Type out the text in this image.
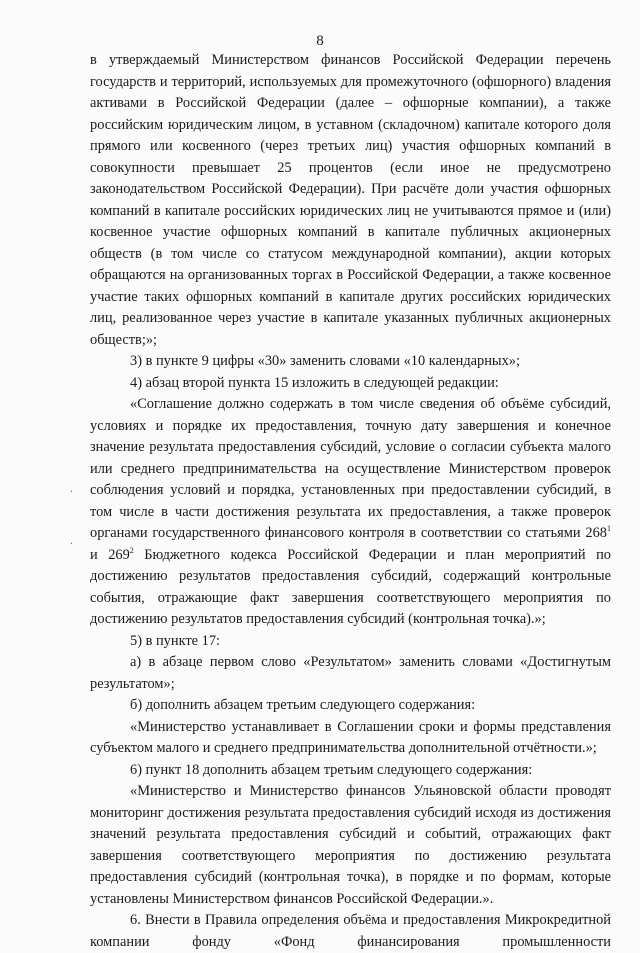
8

в утверждаемый Министерством финансов Российской Федерации перечень государств и территорий, используемых для промежуточного (офшорного) владения активами в Российской Федерации (далее – офшорные компании), а также российским юридическим лицом, в уставном (складочном) капитале которого доля прямого или косвенного (через третьих лиц) участия офшорных компаний в совокупности превышает 25 процентов (если иное не предусмотрено законодательством Российской Федерации). При расчёте доли участия офшорных компаний в капитале российских юридических лиц не учитываются прямое и (или) косвенное участие офшорных компаний в капитале публичных акционерных обществ (в том числе со статусом международной компании), акции которых обращаются на организованных торгах в Российской Федерации, а также косвенное участие таких офшорных компаний в капитале других российских юридических лиц, реализованное через участие в капитале указанных публичных акционерных обществ;»;

3) в пункте 9 цифры «30» заменить словами «10 календарных»;

4) абзац второй пункта 15 изложить в следующей редакции:

«Соглашение должно содержать в том числе сведения об объёме субсидий, условиях и порядке их предоставления, точную дату завершения и конечное значение результата предоставления субсидий, условие о согласии субъекта малого или среднего предпринимательства на осуществление Министерством проверок соблюдения условий и порядка, установленных при предоставлении субсидий, в том числе в части достижения результата их предоставления, а также проверок органами государственного финансового контроля в соответствии со статьями $268^1$ и $269^2$ Бюджетного кодекса Российской Федерации и план мероприятий по достижению результатов предоставления субсидий, содержащий контрольные события, отражающие факт завершения соответствующего мероприятия по достижению результатов предоставления субсидий (контрольная точка).»;

5) в пункте 17:

а) в абзаце первом слово «Результатом» заменить словами «Достигнутым результатом»;

б) дополнить абзацем третьим следующего содержания:

«Министерство устанавливает в Соглашении сроки и формы представления субъектом малого и среднего предпринимательства дополнительной отчётности.»;

6) пункт 18 дополнить абзацем третьим следующего содержания:

«Министерство и Министерство финансов Ульяновской области проводят мониторинг достижения результата предоставления субсидий исходя из достижения значений результата предоставления субсидий и событий, отражающих факт завершения соответствующего мероприятия по достижению результата предоставления субсидий (контрольная точка), в порядке и по формам, которые установлены Министерством финансов Российской Федерации.».

6. Внести в Правила определения объёма и предоставления Микрокредитной компании фонду «Фонд финансирования промышленности

·
·
